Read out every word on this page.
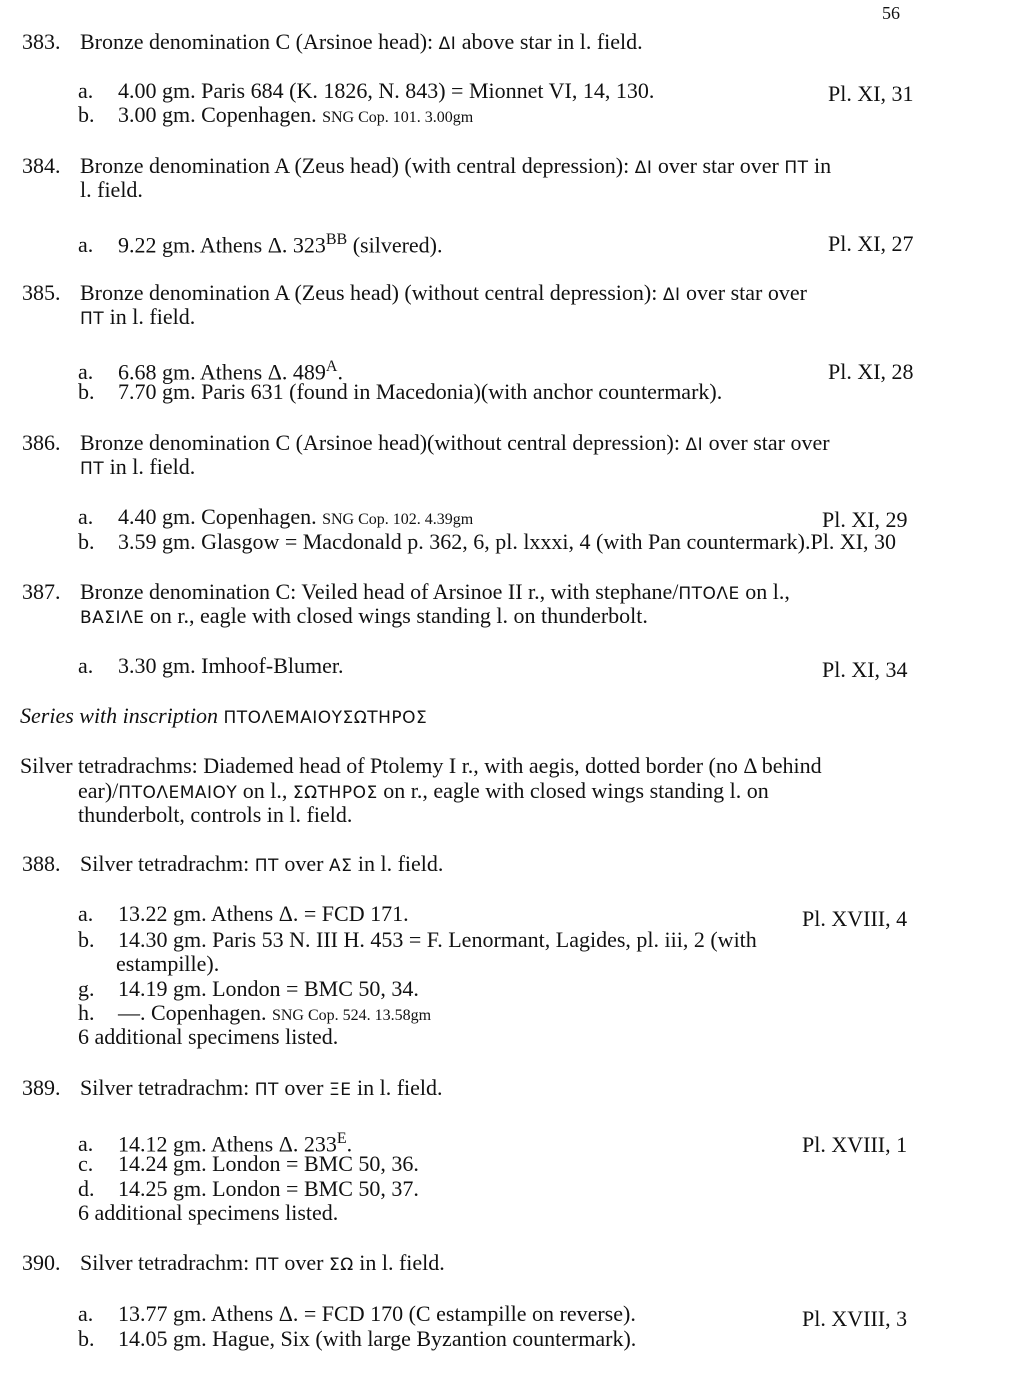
56
383. Bronze denomination C (Arsinoe head): ΔΙ above star in l. field.
a. 4.00 gm. Paris 684 (K. 1826, N. 843) = Mionnet VI, 14, 130.	Pl. XI, 31
b. 3.00 gm. Copenhagen. SNG Cop. 101. 3.00gm
384. Bronze denomination A (Zeus head) (with central depression): ΔΙ over star over ΠΤ in
l. field.
a. 9.22 gm. Athens Δ. $323^{BB}$ (silvered).	Pl. XI, 27
385. Bronze denomination A (Zeus head) (without central depression): ΔΙ over star over
ΠΤ in l. field.
a. 6.68 gm. Athens Δ. $489^A$.	Pl. XI, 28
b. 7.70 gm. Paris 631 (found in Macedonia)(with anchor countermark).
386. Bronze denomination C (Arsinoe head)(without central depression): ΔΙ over star over
ΠΤ in l. field.
a. 4.40 gm. Copenhagen. SNG Cop. 102. 4.39gm	Pl. XI, 29
b. 3.59 gm. Glasgow = Macdonald p. 362, 6, pl. lxxxi, 4 (with Pan countermark).Pl. XI, 30
387. Bronze denomination C: Veiled head of Arsinoe II r., with stephane/ΠΤΟΛΕ on l.,
ΒΑΣΙΛΕ on r., eagle with closed wings standing l. on thunderbolt.
a. 3.30 gm. Imhoof-Blumer.	Pl. XI, 34
Series with inscription ΠΤΟΛΕΜΑΙΟΥΣΩΤΗΡΟΣ
Silver tetradrachms: Diademed head of Ptolemy I r., with aegis, dotted border (no Δ behind
ear)/ΠΤΟΛΕΜΑΙΟΥ on l., ΣΩΤΗΡΟΣ on r., eagle with closed wings standing l. on
thunderbolt, controls in l. field.
388. Silver tetradrachm: ΠΤ over ΑΣ in l. field.
a. 13.22 gm. Athens Δ. = FCD 171.	Pl. XVIII, 4
b. 14.30 gm. Paris 53 N. III H. 453 = F. Lenormant, Lagides, pl. iii, 2 (with
estampille).
g. 14.19 gm. London = BMC 50, 34.
h. —. Copenhagen. SNG Cop. 524. 13.58gm
6 additional specimens listed.
389. Silver tetradrachm: ΠΤ over ΞΕ in l. field.
a. 14.12 gm. Athens Δ. $233^E$.	Pl. XVIII, 1
c. 14.24 gm. London = BMC 50, 36.
d. 14.25 gm. London = BMC 50, 37.
6 additional specimens listed.
390. Silver tetradrachm: ΠΤ over ΣΩ in l. field.
a. 13.77 gm. Athens Δ. = FCD 170 (C estampille on reverse).	Pl. XVIII, 3
b. 14.05 gm. Hague, Six (with large Byzantion countermark).
